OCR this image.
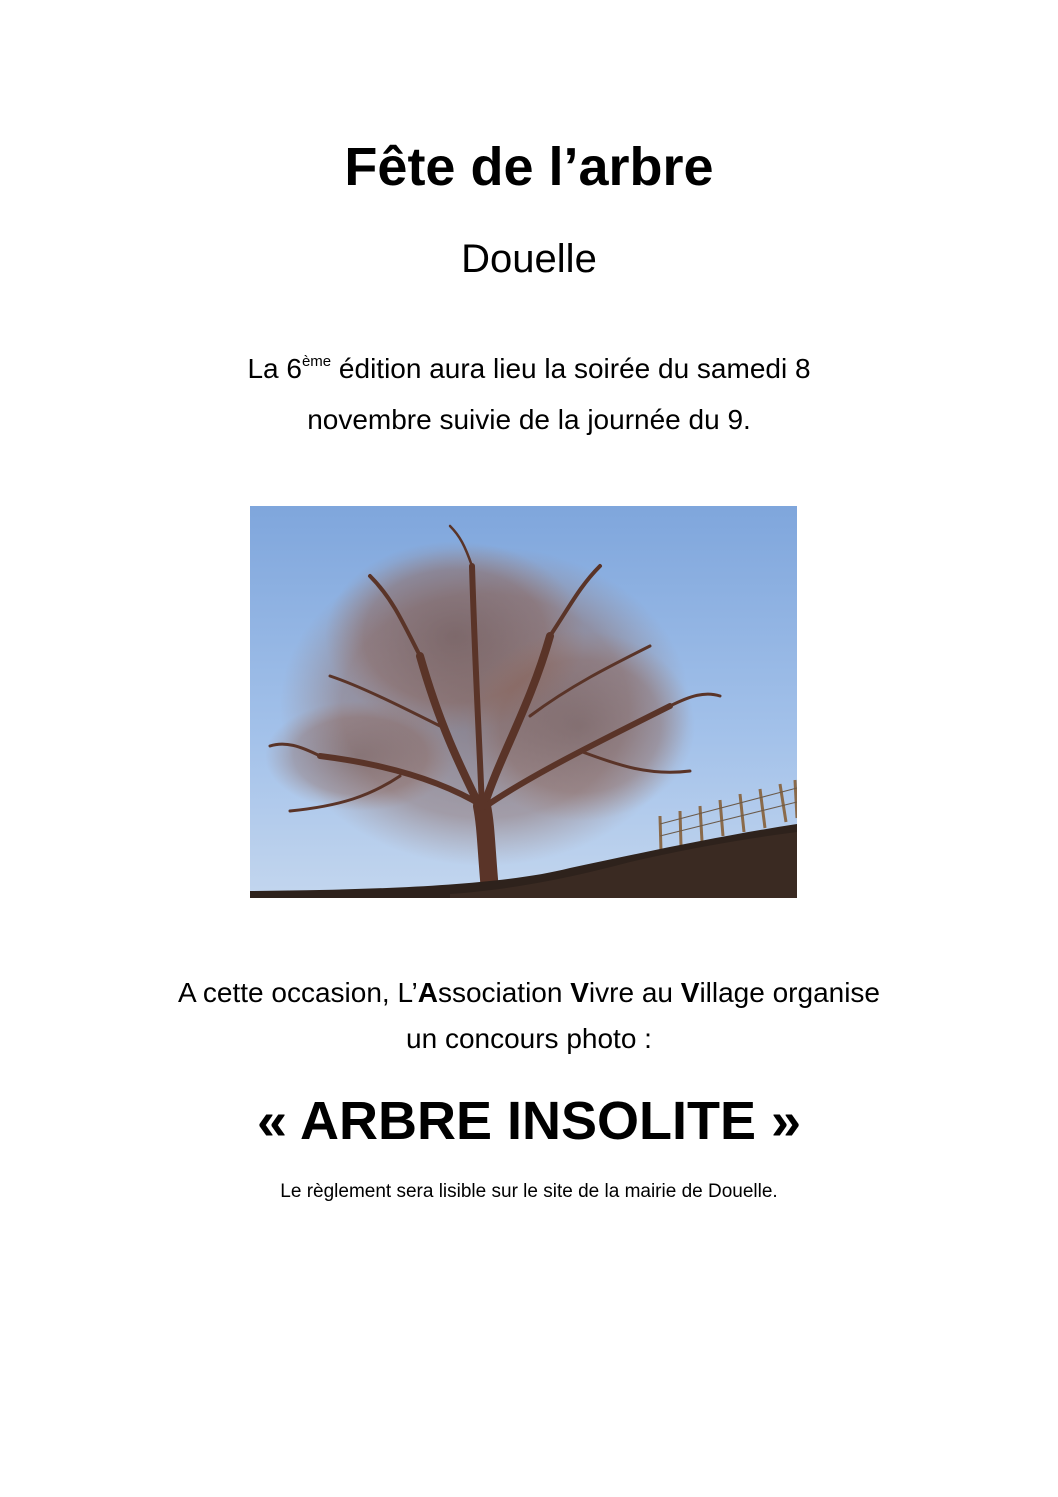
Fête de l’arbre
Douelle
La 6ème édition aura lieu la soirée du samedi 8
novembre suivie de la journée du 9.
A cette occasion, L’Association Vivre au Village organise
un concours photo :
« ARBRE INSOLITE »
Le règlement sera lisible sur le site de la mairie de Douelle.
